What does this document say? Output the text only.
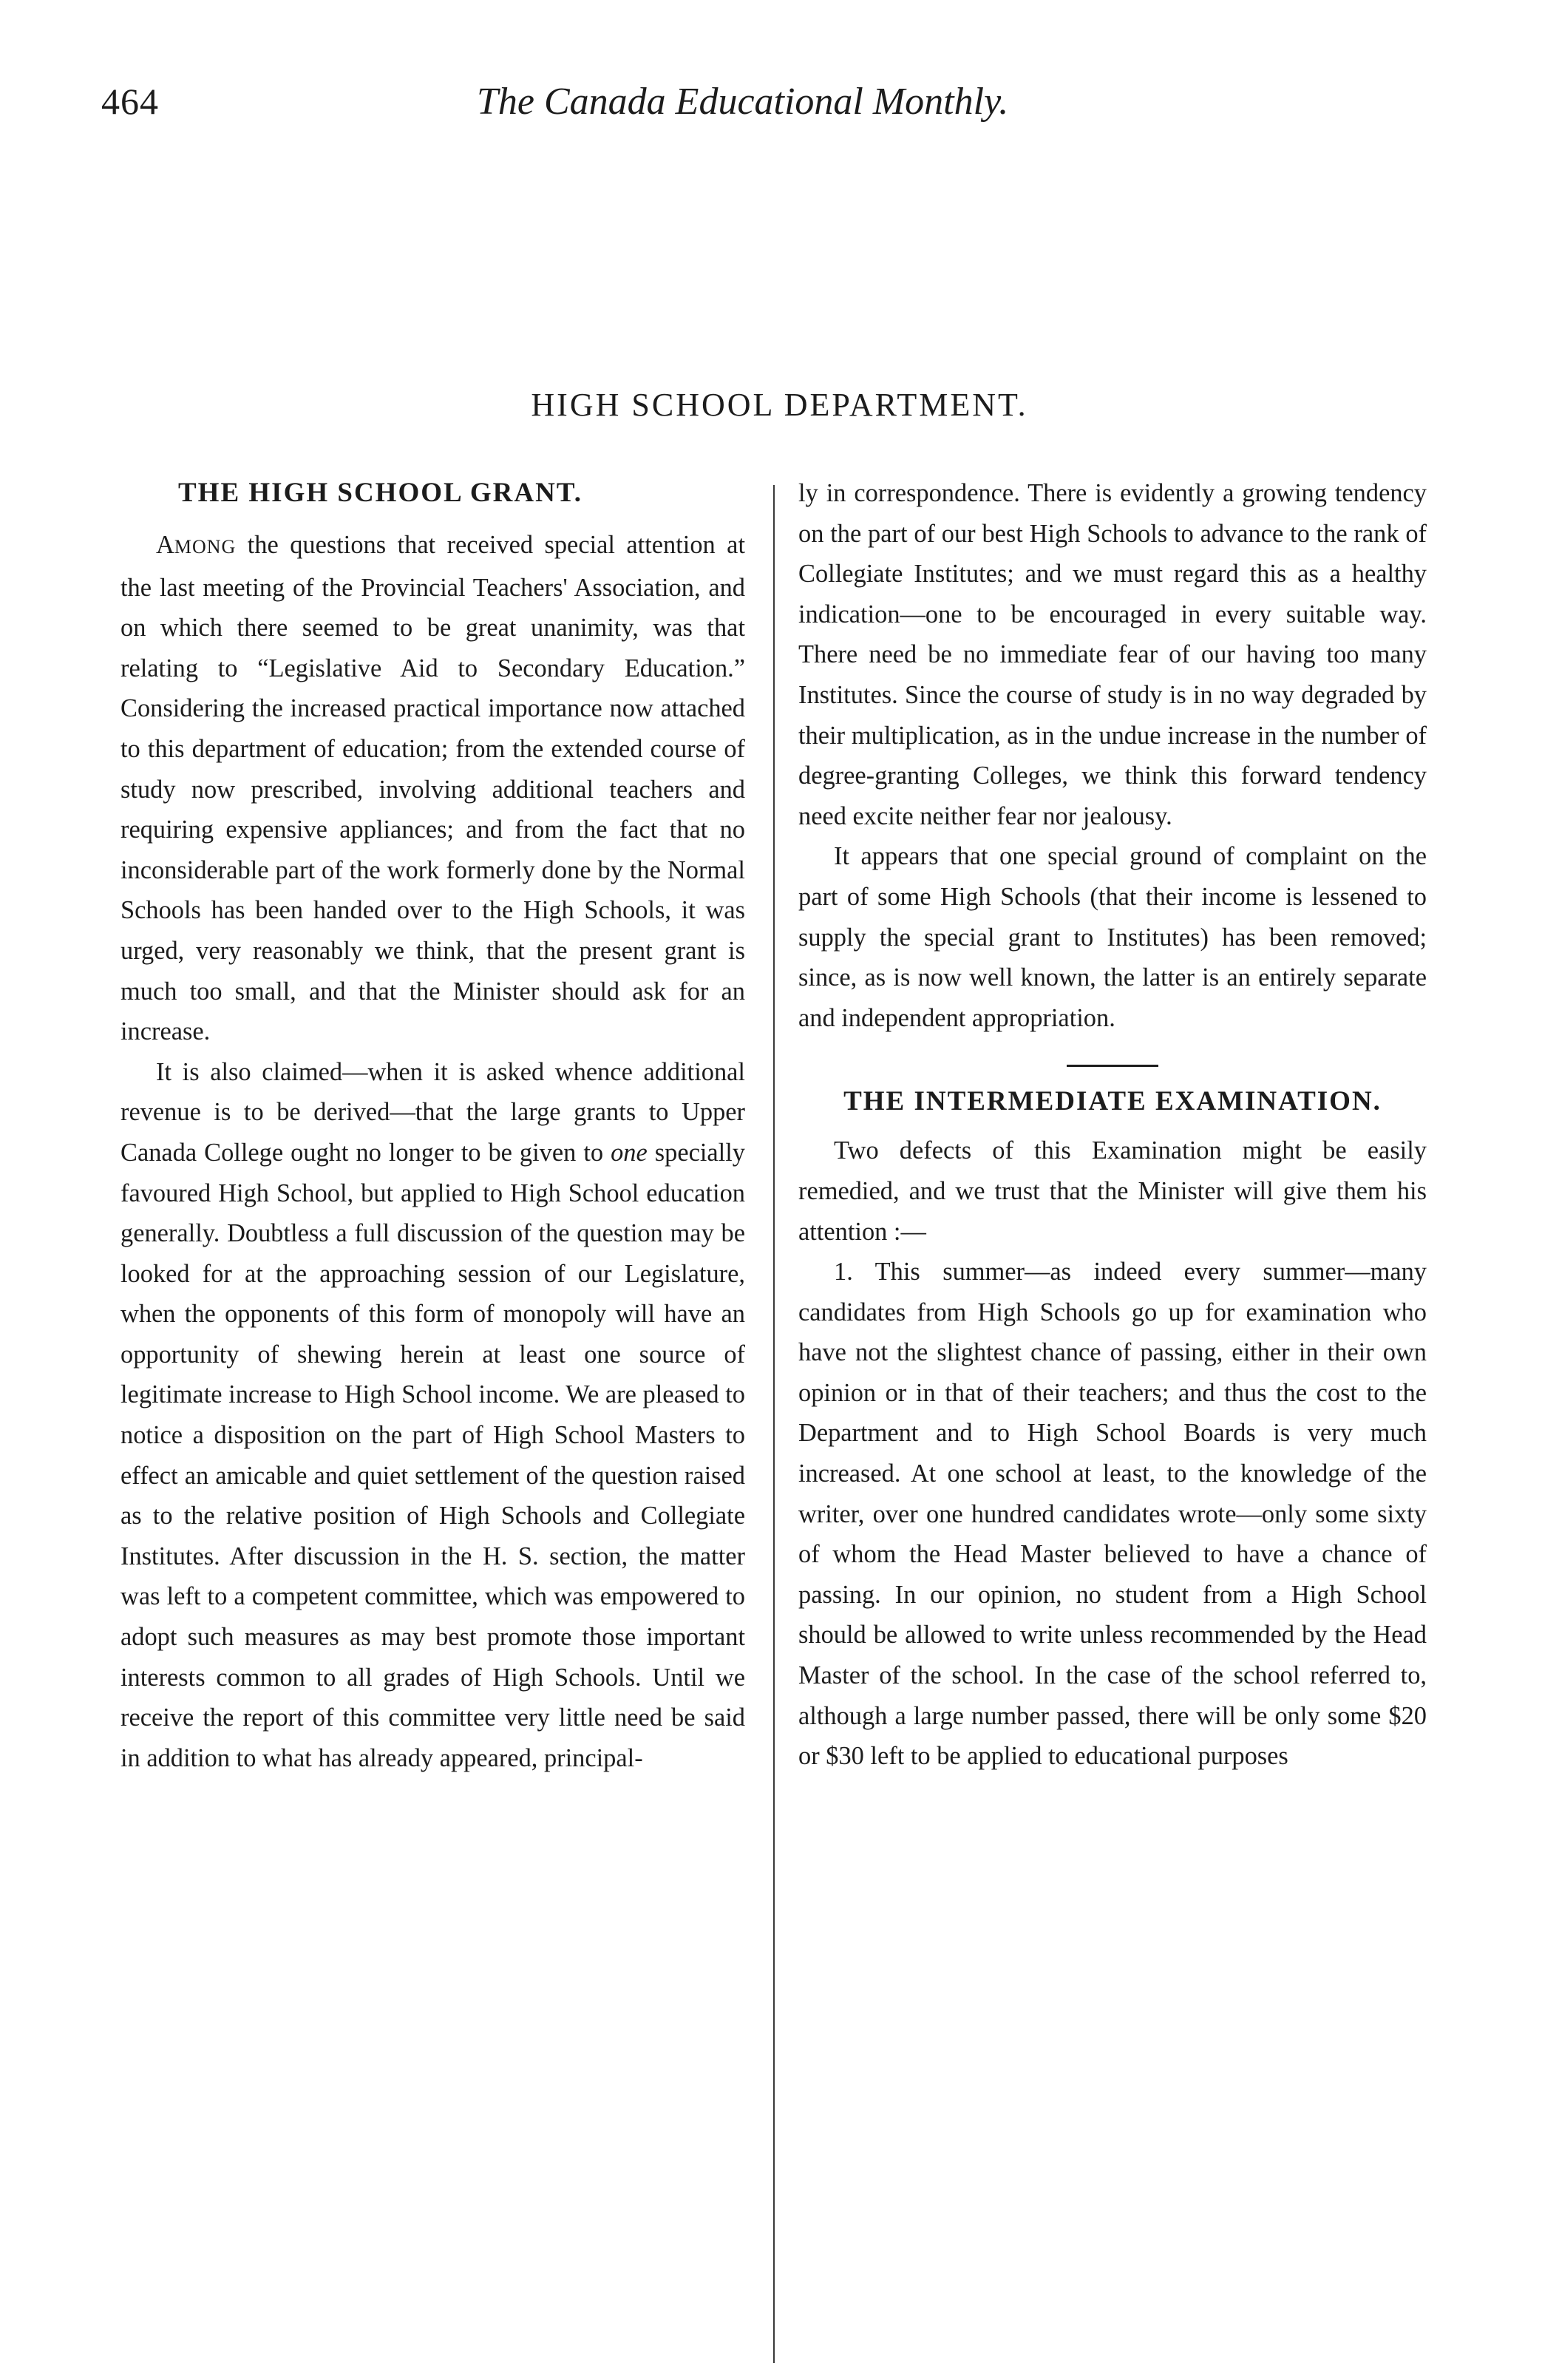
464	The Canada Educational Monthly.
HIGH SCHOOL DEPARTMENT.
THE HIGH SCHOOL GRANT.

AMONG the questions that received special attention at the last meeting of the Provincial Teachers' Association, and on which there seemed to be great unanimity, was that relating to “Legislative Aid to Secondary Education.” Considering the increased practical importance now attached to this department of education; from the extended course of study now prescribed, involving additional teachers and requiring expensive appliances; and from the fact that no inconsiderable part of the work formerly done by the Normal Schools has been handed over to the High Schools, it was urged, very reasonably we think, that the present grant is much too small, and that the Minister should ask for an increase.

It is also claimed—when it is asked whence additional revenue is to be derived—that the large grants to Upper Canada College ought no longer to be given to one specially favoured High School, but applied to High School education generally. Doubtless a full discussion of the question may be looked for at the approaching session of our Legislature, when the opponents of this form of monopoly will have an opportunity of shewing herein at least one source of legitimate increase to High School income. We are pleased to notice a disposition on the part of High School Masters to effect an amicable and quiet settlement of the question raised as to the relative position of High Schools and Collegiate Institutes. After discussion in the H. S. section, the matter was left to a competent committee, which was empowered to adopt such measures as may best promote those important interests common to all grades of High Schools. Until we receive the report of this committee very little need be said in addition to what has already appeared, principal-

ly in correspondence. There is evidently a growing tendency on the part of our best High Schools to advance to the rank of Collegiate Institutes; and we must regard this as a healthy indication—one to be encouraged in every suitable way. There need be no immediate fear of our having too many Institutes. Since the course of study is in no way degraded by their multiplication, as in the undue increase in the number of degree-granting Colleges, we think this forward tendency need excite neither fear nor jealousy.

It appears that one special ground of complaint on the part of some High Schools (that their income is lessened to supply the special grant to Institutes) has been removed; since, as is now well known, the latter is an entirely separate and independent appropriation.

THE INTERMEDIATE EXAMINATION.

Two defects of this Examination might be easily remedied, and we trust that the Minister will give them his attention :—

1. This summer—as indeed every summer—many candidates from High Schools go up for examination who have not the slightest chance of passing, either in their own opinion or in that of their teachers; and thus the cost to the Department and to High School Boards is very much increased. At one school at least, to the knowledge of the writer, over one hundred candidates wrote—only some sixty of whom the Head Master believed to have a chance of passing. In our opinion, no student from a High School should be allowed to write unless recommended by the Head Master of the school. In the case of the school referred to, although a large number passed, there will be only some $20 or $30 left to be applied to educational purposes
